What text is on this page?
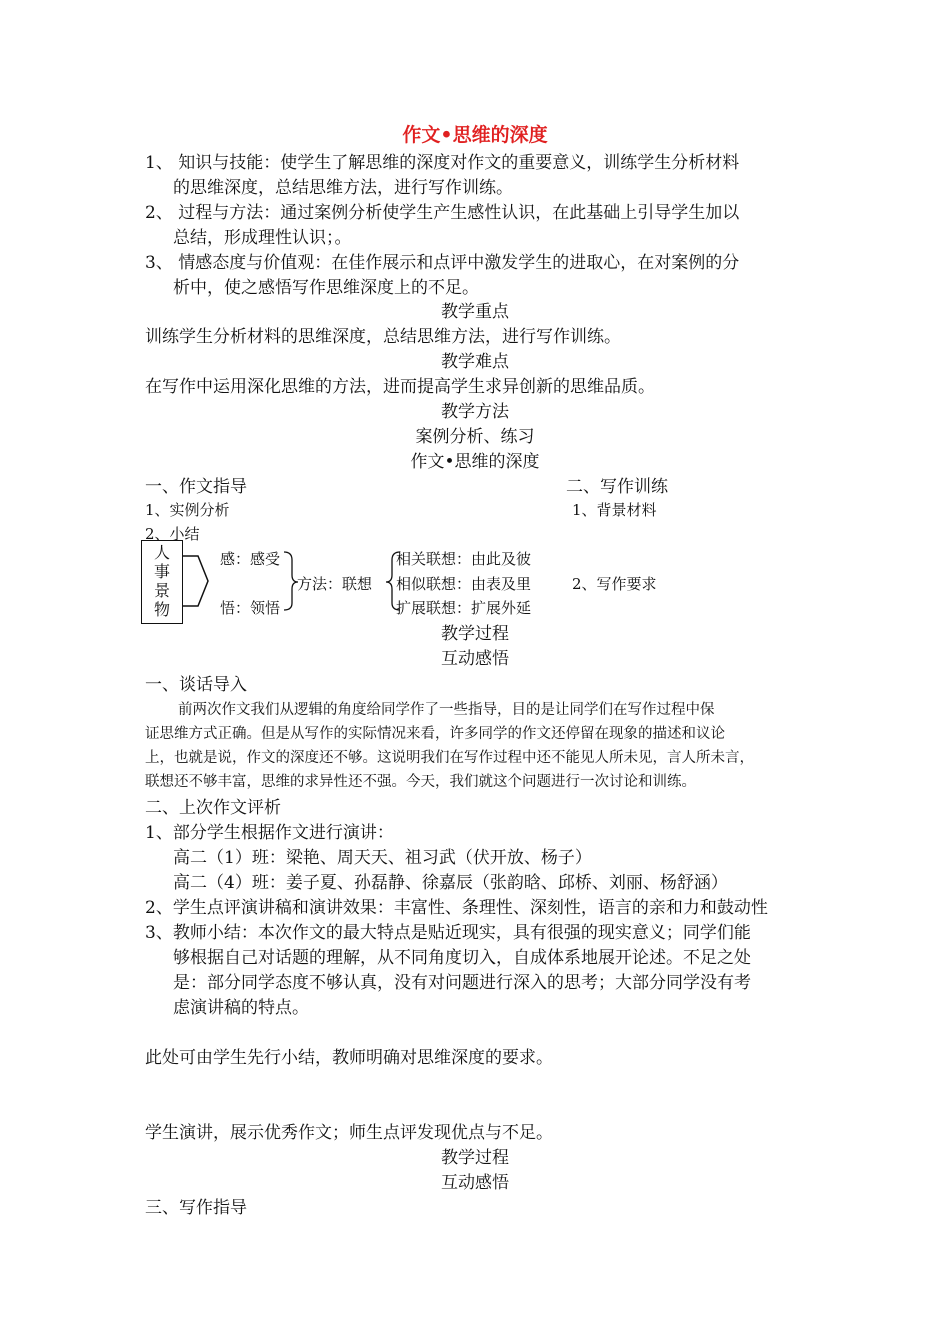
作文•思维的深度
1、 知识与技能：使学生了解思维的深度对作文的重要意义，训练学生分析材料
的思维深度，总结思维方法，进行写作训练。
2、 过程与方法：通过案例分析使学生产生感性认识，在此基础上引导学生加以
总结，形成理性认识；。
3、 情感态度与价值观：在佳作展示和点评中激发学生的进取心，在对案例的分
析中，使之感悟写作思维深度上的不足。
教学重点
训练学生分析材料的思维深度，总结思维方法，进行写作训练。
教学难点
在写作中运用深化思维的方法，进而提高学生求异创新的思维品质。
教学方法
案例分析、练习
作文•思维的深度
一、作文指导	二、写作训练
1、实例分析	1、背景材料
2、小结
人
事
景
物
感：感受
悟：领悟
方法：联想
相关联想：由此及彼
相似联想：由表及里
扩展联想：扩展外延
2、写作要求
教学过程
互动感悟
一、谈话导入
前两次作文我们从逻辑的角度给同学作了一些指导，目的是让同学们在写作过程中保
证思维方式正确。但是从写作的实际情况来看，许多同学的作文还停留在现象的描述和议论
上，也就是说，作文的深度还不够。这说明我们在写作过程中还不能见人所未见，言人所未言，
联想还不够丰富，思维的求异性还不强。今天，我们就这个问题进行一次讨论和训练。
二、上次作文评析
1、部分学生根据作文进行演讲：
高二（1）班：梁艳、周天天、祖习武（伏开放、杨子）
高二（4）班：姜子夏、孙磊静、徐嘉辰（张韵晗、邱桥、刘丽、杨舒涵）
2、学生点评演讲稿和演讲效果：丰富性、条理性、深刻性，语言的亲和力和鼓动性
3、教师小结：本次作文的最大特点是贴近现实，具有很强的现实意义；同学们能
够根据自己对话题的理解，从不同角度切入，自成体系地展开论述。不足之处
是：部分同学态度不够认真，没有对问题进行深入的思考；大部分同学没有考
虑演讲稿的特点。
此处可由学生先行小结，教师明确对思维深度的要求。
学生演讲，展示优秀作文；师生点评发现优点与不足。
教学过程
互动感悟
三、写作指导
